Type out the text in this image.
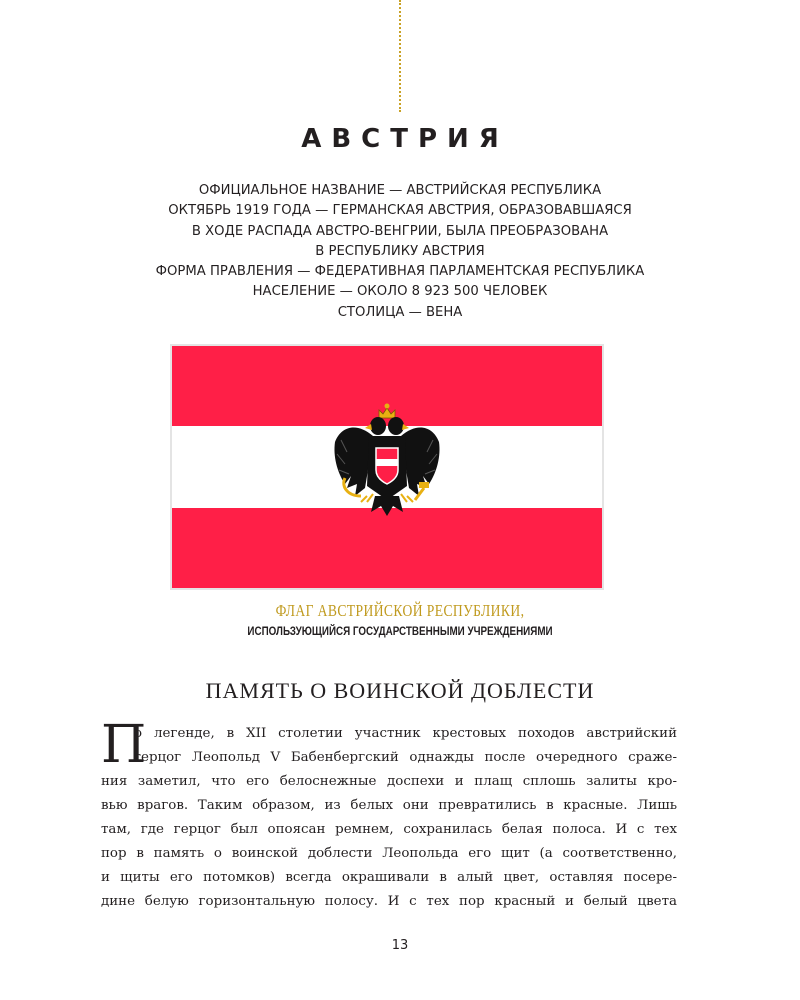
АВСТРИЯ
ОФИЦИАЛЬНОЕ НАЗВАНИЕ — АВСТРИЙСКАЯ РЕСПУБЛИКА
ОКТЯБРЬ 1919 ГОДА — ГЕРМАНСКАЯ АВСТРИЯ, ОБРАЗОВАВШАЯСЯ
В ХОДЕ РАСПАДА АВСТРО-ВЕНГРИИ, БЫЛА ПРЕОБРАЗОВАНА
В РЕСПУБЛИКУ АВСТРИЯ
ФОРМА ПРАВЛЕНИЯ — ФЕДЕРАТИВНАЯ ПАРЛАМЕНТСКАЯ РЕСПУБЛИКА
НАСЕЛЕНИЕ — ОКОЛО 8 923 500 ЧЕЛОВЕК
СТОЛИЦА — ВЕНА
ФЛАГ АВСТРИЙСКОЙ РЕСПУБЛИКИ,
ИСПОЛЬЗУЮЩИЙСЯ ГОСУДАРСТВЕННЫМИ УЧРЕЖДЕНИЯМИ
ПАМЯТЬ О ВОИНСКОЙ ДОБЛЕСТИ
П
о легенде, в XII столетии участник крестовых походов австрийский
герцог Леопольд V Бабенбергский однажды после очередного сраже-
ния заметил, что его белоснежные доспехи и плащ сплошь залиты кро-
вью врагов. Таким образом, из белых они превратились в красные. Лишь
там, где герцог был опоясан ремнем, сохранилась белая полоса. И с тех
пор в память о воинской доблести Леопольда его щит (а соответственно,
и щиты его потомков) всегда окрашивали в алый цвет, оставляя посере-
дине белую горизонтальную полосу. И с тех пор красный и белый цвета
13
